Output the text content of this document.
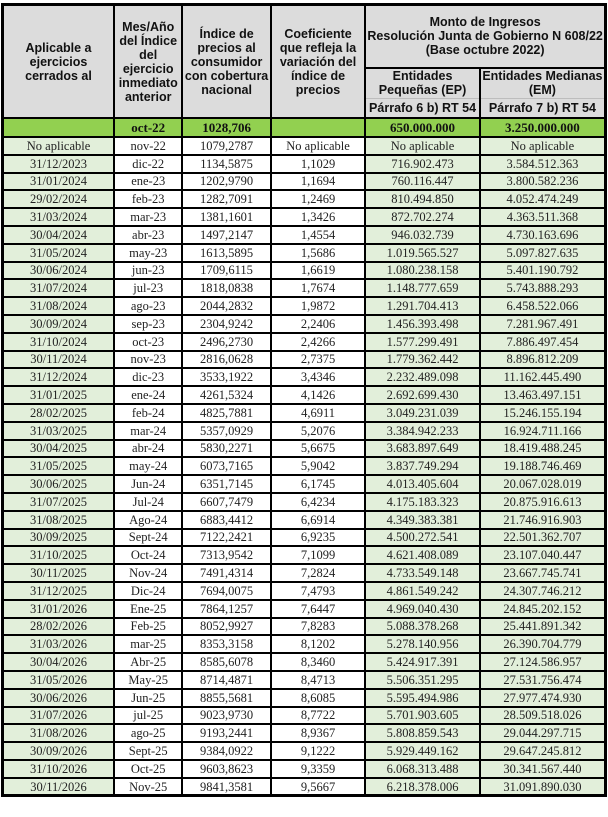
Aplicable a ejercicios cerrados al	Mes/Año del Índice del ejercicio inmediato anterior	Índice de precios al consumidor con cobertura nacional	Coeficiente que refleja la variación del índice de precios	Monto de Ingresos
Resolución Junta de Gobierno N 608/22
(Base octubre 2022)	

				Entidades Pequeñas (EP)	Entidades Medianas (EM)
				Párrafo 6 b) RT 54	Párrafo 7 b) RT 54
	oct-22	1028,706		650.000.000	3.250.000.000
No aplicable	nov-22	1079,2787	No aplicable	No aplicable	No aplicable
31/12/2023	dic-22	1134,5875	1,1029	716.902.473	3.584.512.363
31/01/2024	ene-23	1202,9790	1,1694	760.116.447	3.800.582.236
29/02/2024	feb-23	1282,7091	1,2469	810.494.850	4.052.474.249
31/03/2024	mar-23	1381,1601	1,3426	872.702.274	4.363.511.368
30/04/2024	abr-23	1497,2147	1,4554	946.032.739	4.730.163.696
31/05/2024	may-23	1613,5895	1,5686	1.019.565.527	5.097.827.635
30/06/2024	jun-23	1709,6115	1,6619	1.080.238.158	5.401.190.792
31/07/2024	jul-23	1818,0838	1,7674	1.148.777.659	5.743.888.293
31/08/2024	ago-23	2044,2832	1,9872	1.291.704.413	6.458.522.066
30/09/2024	sep-23	2304,9242	2,2406	1.456.393.498	7.281.967.491
31/10/2024	oct-23	2496,2730	2,4266	1.577.299.491	7.886.497.454
30/11/2024	nov-23	2816,0628	2,7375	1.779.362.442	8.896.812.209
31/12/2024	dic-23	3533,1922	3,4346	2.232.489.098	11.162.445.490
31/01/2025	ene-24	4261,5324	4,1426	2.692.699.430	13.463.497.151
28/02/2025	feb-24	4825,7881	4,6911	3.049.231.039	15.246.155.194
31/03/2025	mar-24	5357,0929	5,2076	3.384.942.233	16.924.711.166
30/04/2025	abr-24	5830,2271	5,6675	3.683.897.649	18.419.488.245
31/05/2025	may-24	6073,7165	5,9042	3.837.749.294	19.188.746.469
30/06/2025	Jun-24	6351,7145	6,1745	4.013.405.604	20.067.028.019
31/07/2025	Jul-24	6607,7479	6,4234	4.175.183.323	20.875.916.613
31/08/2025	Ago-24	6883,4412	6,6914	4.349.383.381	21.746.916.903
30/09/2025	Sept-24	7122,2421	6,9235	4.500.272.541	22.501.362.707
31/10/2025	Oct-24	7313,9542	7,1099	4.621.408.089	23.107.040.447
30/11/2025	Nov-24	7491,4314	7,2824	4.733.549.148	23.667.745.741
31/12/2025	Dic-24	7694,0075	7,4793	4.861.549.242	24.307.746.212
31/01/2026	Ene-25	7864,1257	7,6447	4.969.040.430	24.845.202.152
28/02/2026	Feb-25	8052,9927	7,8283	5.088.378.268	25.441.891.342
31/03/2026	mar-25	8353,3158	8,1202	5.278.140.956	26.390.704.779
30/04/2026	Abr-25	8585,6078	8,3460	5.424.917.391	27.124.586.957
31/05/2026	May-25	8714,4871	8,4713	5.506.351.295	27.531.756.474
30/06/2026	Jun-25	8855,5681	8,6085	5.595.494.986	27.977.474.930
31/07/2026	jul-25	9023,9730	8,7722	5.701.903.605	28.509.518.026
31/08/2026	ago-25	9193,2441	8,9367	5.808.859.543	29.044.297.715
30/09/2026	Sept-25	9384,0922	9,1222	5.929.449.162	29.647.245.812
31/10/2026	Oct-25	9603,8623	9,3359	6.068.313.488	30.341.567.440
30/11/2026	Nov-25	9841,3581	9,5667	6.218.378.006	31.091.890.030
